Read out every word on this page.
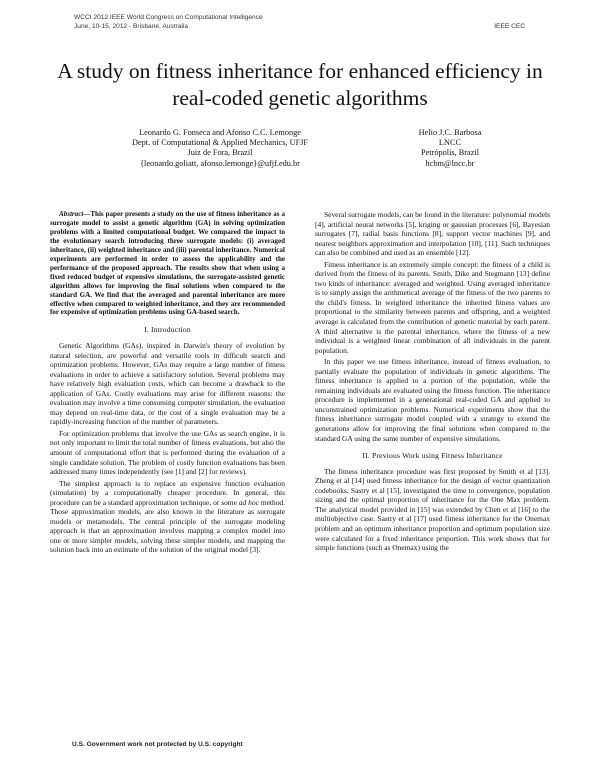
WCCI 2012 IEEE World Congress on Computational Intelligence
June, 10-15, 2012 - Brisbane, Australia	IEEE CEC
A study on fitness inheritance for enhanced efficiency in real-coded genetic algorithms
Leonardo G. Fonseca and Afonso C.C. Lemonge
Dept. of Computational & Applied Mechanics, UFJF
Juiz de Fora, Brazil
{leonardo.goliatt, afonso.lemonge}@ufjf.edu.br
Helio J.C. Barbosa
LNCC
Petrópolis, Brazil
hcbm@lncc.br

Abstract—This paper presents a study on the use of fitness inheritance as a surrogate model to assist a genetic algorithm (GA) in solving optimization problems with a limited computational budget. We compared the impact to the evolutionary search introducing three surrogate models: (i) averaged inheritance, (ii) weighted inheritance and (iii) parental inheritance. Numerical experiments are performed in order to assess the applicability and the performance of the proposed approach. The results show that when using a fixed reduced budget of expensive simulations, the surrogate-assisted genetic algorithm allows for improving the final solutions when compared to the standard GA. We find that the averaged and parental inheritance are more effective when compared to weighted inheritance, and they are recommended for expensive of optimization problems using GA-based search.

I. Introduction

Genetic Algorithms (GAs), inspired in Darwin's theory of evolution by natural selection, are powerful and versatile tools in difficult search and optimization problems. However, GAs may require a large number of fitness evaluations in order to achieve a satisfactory solution. Several problems may have relatively high evaluation costs, which can become a drawback to the application of GAs. Costly evaluations may arise for different reasons: the evaluation may involve a time consuming computer simulation, the evaluation may depend on real-time data, or the cost of a single evaluation may be a rapidly-increasing function of the number of parameters.

For optimization problems that involve the use GAs as search engine, it is not only important to limit the total number of fitness evaluations, but also the amount of computational effort that is performed during the evaluation of a single candidate solution. The problem of costly function evaluations has been addressed many times independently (see [1] and [2] for reviews).

The simplest approach is to replace an expensive function evaluation (simulation) by a computationally cheaper procedure. In general, this procedure can be a standard approximation technique, or some ad hoc method. Those approximation models, are also known in the literature as surrogate models or metamodels. The central principle of the surrogate modeling approach is that an approximation involves mapping a complex model into one or more simpler models, solving these simpler models, and mapping the solution back into an estimate of the solution of the original model [3].

Several surrogate models, can be found in the literature: polynomial models [4], artificial neural networks [5], kriging or gaussian processes [6], Bayesian surrogates [7], radial basis functions [8], support vector machines [9], and nearest neighbors approximation and interpolation [10], [11]. Such techniques can also be combined and used as an ensemble [12].

Fitness inheritance is an extremely simple concept: the fitness of a child is derived from the fitness of its parents. Smith, Dike and Stegmann [13] define two kinds of inheritance: averaged and weighted. Using averaged inheritance is to simply assign the arithmetical average of the fitness of the two parents to the child's fitness. In weighted inheritance the inherited fitness values are proportional to the similarity between parents and offspring, and a weighted average is calculated from the contribution of genetic material by each parent. A third alternative is the parental inheritance, where the fitness of a new individual is a weighted linear combination of all individuals in the parent population.

In this paper we use fitness inheritance, instead of fitness evaluation, to partially evaluate the population of individuals in genetic algorithms. The fitness inheritance is applied to a portion of the population, while the remaining individuals are evaluated using the fitness function. The inheritance procedure is implemented in a generational real-coded GA and applied to unconstrained optimization problems. Numerical experiments show that the fitness inheritance surrogate model coupled with a strategy to extend the generations allow for improving the final solutions when compared to the standard GA using the same number of expensive simulations.

II. Previous Work using Fitness Inheritance

The fitness inheritance procedure was first proposed by Smith et al [13]. Zheng et al [14] used fitness inheritance for the design of vector quantization codebooks. Sastry et al [15], investigated the time to convergence, population sizing and the optimal proportion of inheritance for the One Max problem. The analytical model provided in [15] was extended by Chen et al [16] to the multiobjective case. Sastry et al [17] used fitness inheritance for the Onemax problem and an optimum inheritance proportion and optimum population size were calculated for a fixed inheritance proportion. This work shows that for simple functions (such as Onemax) using the

U.S. Government work not protected by U.S. copyright
